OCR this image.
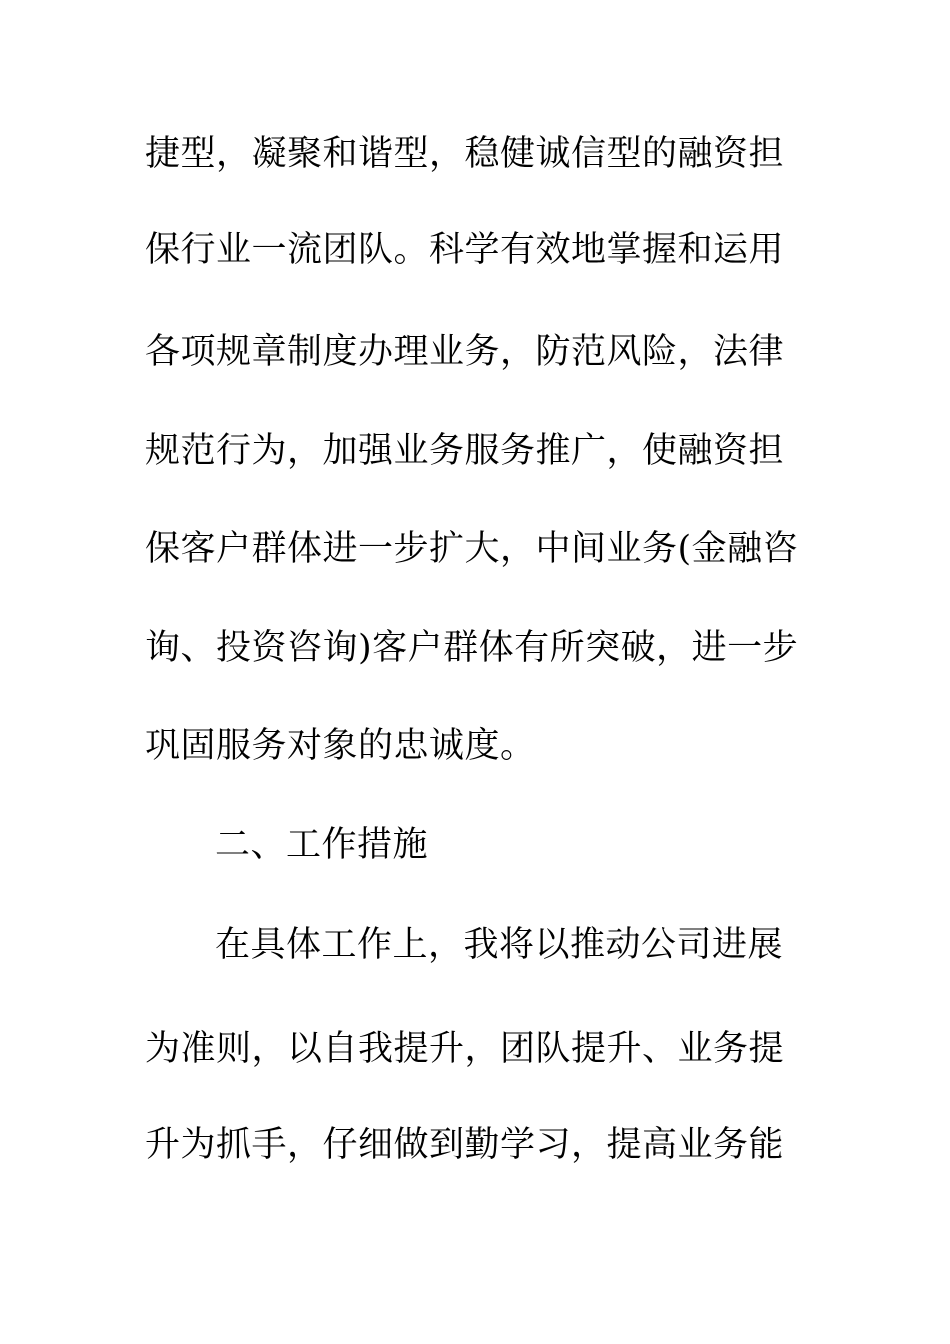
捷型，凝聚和谐型，稳健诚信型的融资担
保行业一流团队。科学有效地掌握和运用
各项规章制度办理业务，防范风险，法律
规范行为，加强业务服务推广，使融资担
保客户群体进一步扩大，中间业务(金融咨
询、投资咨询)客户群体有所突破，进一步
巩固服务对象的忠诚度。
二、工作措施
在具体工作上，我将以推动公司进展
为准则，以自我提升，团队提升、业务提
升为抓手，仔细做到勤学习，提高业务能
